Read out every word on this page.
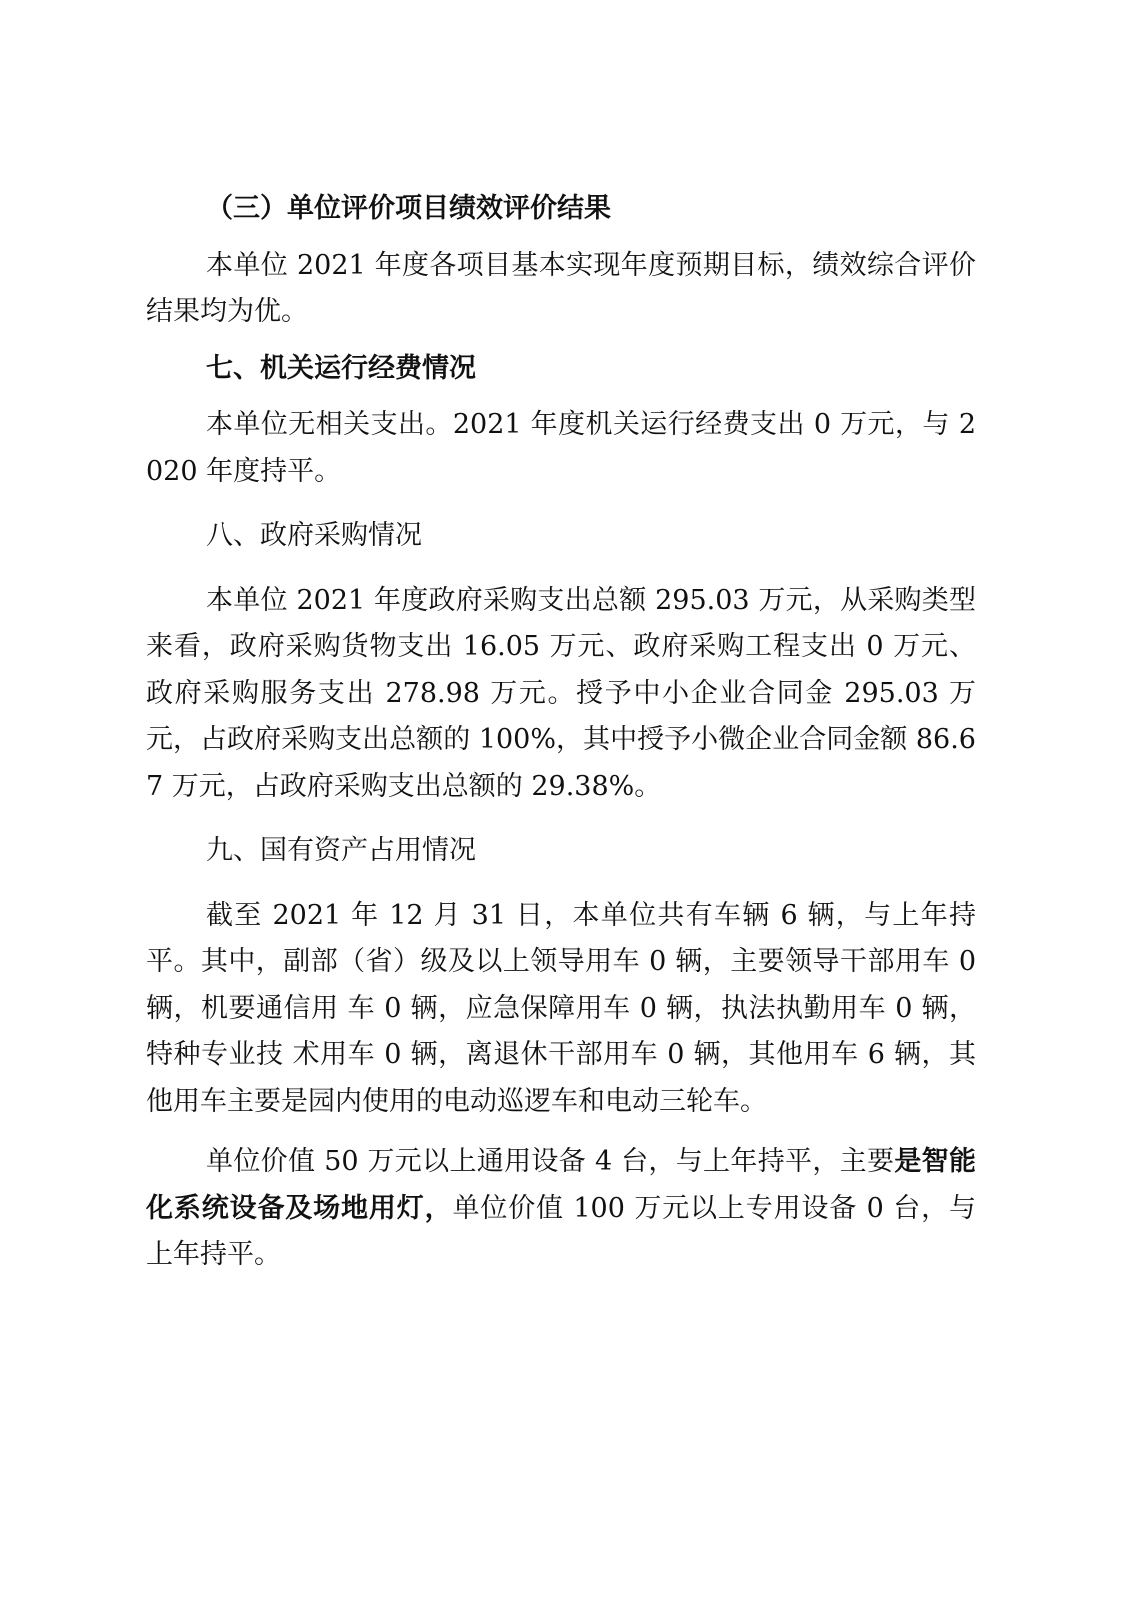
（三）单位评价项目绩效评价结果

本单位 2021 年度各项目基本实现年度预期目标，绩效综合评价结果均为优。

七、机关运行经费情况

本单位无相关支出。2021 年度机关运行经费支出 0 万元，与 2020 年度持平。

八、政府采购情况

本单位 2021 年度政府采购支出总额 295.03 万元，从采购类型来看，政府采购货物支出 16.05 万元、政府采购工程支出 0 万元、政府采购服务支出 278.98 万元。授予中小企业合同金 295.03 万元，占政府采购支出总额的 100%，其中授予小微企业合同金额 86.67 万元，占政府采购支出总额的 29.38%。

九、国有资产占用情况

截至 2021 年 12 月 31 日，本单位共有车辆 6 辆，与上年持平。其中，副部（省）级及以上领导用车 0 辆，主要领导干部用车 0 辆，机要通信用 车 0 辆，应急保障用车 0 辆，执法执勤用车 0 辆，特种专业技 术用车 0 辆，离退休干部用车 0 辆，其他用车 6 辆，其他用车主要是园内使用的电动巡逻车和电动三轮车。

单位价值 50 万元以上通用设备 4 台，与上年持平，主要是智能化系统设备及场地用灯，单位价值 100 万元以上专用设备 0 台，与上年持平。
